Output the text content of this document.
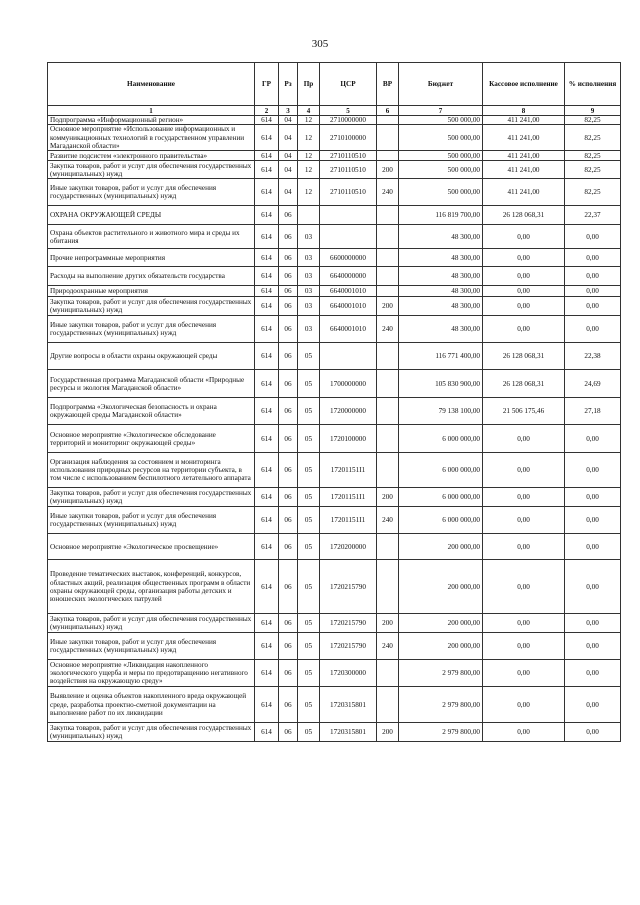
305
Наименование	ГР	Рз	Пр	ЦСР	ВР	Бюджет	Кассовое исполнение	% исполнения
1	2	3	4	5	6	7	8	9
Подпрограмма «Информационный регион»	614	04	12	2710000000		500 000,00	411 241,00	82,25
Основное мероприятие «Использование информационных и коммуникационных технологий в государственном управлении Магаданской области»	614	04	12	2710100000		500 000,00	411 241,00	82,25
Развитие подсистем «электронного правительства»	614	04	12	2710110510		500 000,00	411 241,00	82,25
Закупка товаров, работ и услуг для обеспечения государственных (муниципальных) нужд	614	04	12	2710110510	200	500 000,00	411 241,00	82,25
Иные закупки товаров, работ и услуг для обеспечения государственных (муниципальных) нужд	614	04	12	2710110510	240	500 000,00	411 241,00	82,25
ОХРАНА ОКРУЖАЮЩЕЙ СРЕДЫ	614	06				116 819 700,00	26 128 068,31	22,37
Охрана объектов растительного и животного мира и среды их обитания	614	06	03			48 300,00	0,00	0,00
Прочие непрограммные мероприятия	614	06	03	6600000000		48 300,00	0,00	0,00
Расходы на выполнение других обязательств государства	614	06	03	6640000000		48 300,00	0,00	0,00
Природоохранные мероприятия	614	06	03	6640001010		48 300,00	0,00	0,00
Закупка товаров, работ и услуг для обеспечения государственных (муниципальных) нужд	614	06	03	6640001010	200	48 300,00	0,00	0,00
Иные закупки товаров, работ и услуг для обеспечения государственных (муниципальных) нужд	614	06	03	6640001010	240	48 300,00	0,00	0,00
Другие вопросы в области охраны окружающей среды	614	06	05			116 771 400,00	26 128 068,31	22,38
Государственная программа Магаданской области «Природные ресурсы и экология Магаданской области»	614	06	05	1700000000		105 830 900,00	26 128 068,31	24,69
Подпрограмма «Экологическая безопасность и охрана окружающей среды Магаданской области»	614	06	05	1720000000		79 138 100,00	21 506 175,46	27,18
Основное мероприятие «Экологическое обследование территорий и мониторинг окружающей среды»	614	06	05	1720100000		6 000 000,00	0,00	0,00
Организация наблюдения за состоянием и мониторинга использования природных ресурсов на территории субъекта, в том числе с использованием беспилотного летательного аппарата	614	06	05	17201151I1		6 000 000,00	0,00	0,00
Закупка товаров, работ и услуг для обеспечения государственных (муниципальных) нужд	614	06	05	17201151I1	200	6 000 000,00	0,00	0,00
Иные закупки товаров, работ и услуг для обеспечения государственных (муниципальных) нужд	614	06	05	17201151I1	240	6 000 000,00	0,00	0,00
Основное мероприятие «Экологическое просвещение»	614	06	05	1720200000		200 000,00	0,00	0,00
Проведение тематических выставок, конференций, конкурсов, областных акций, реализация общественных программ в области охраны окружающей среды, организация работы детских и юношеских экологических патрулей	614	06	05	1720215790		200 000,00	0,00	0,00
Закупка товаров, работ и услуг для обеспечения государственных (муниципальных) нужд	614	06	05	1720215790	200	200 000,00	0,00	0,00
Иные закупки товаров, работ и услуг для обеспечения государственных (муниципальных) нужд	614	06	05	1720215790	240	200 000,00	0,00	0,00
Основное мероприятие «Ликвидация накопленного экологического ущерба и меры по предотвращению негативного воздействия на окружающую среду»	614	06	05	1720300000		2 979 800,00	0,00	0,00
Выявление и оценка объектов накопленного вреда окружающей среде, разработка проектно-сметной документации на выполнение работ по их ликвидации	614	06	05	1720315801		2 979 800,00	0,00	0,00
Закупка товаров, работ и услуг для обеспечения государственных (муниципальных) нужд	614	06	05	1720315801	200	2 979 800,00	0,00	0,00
